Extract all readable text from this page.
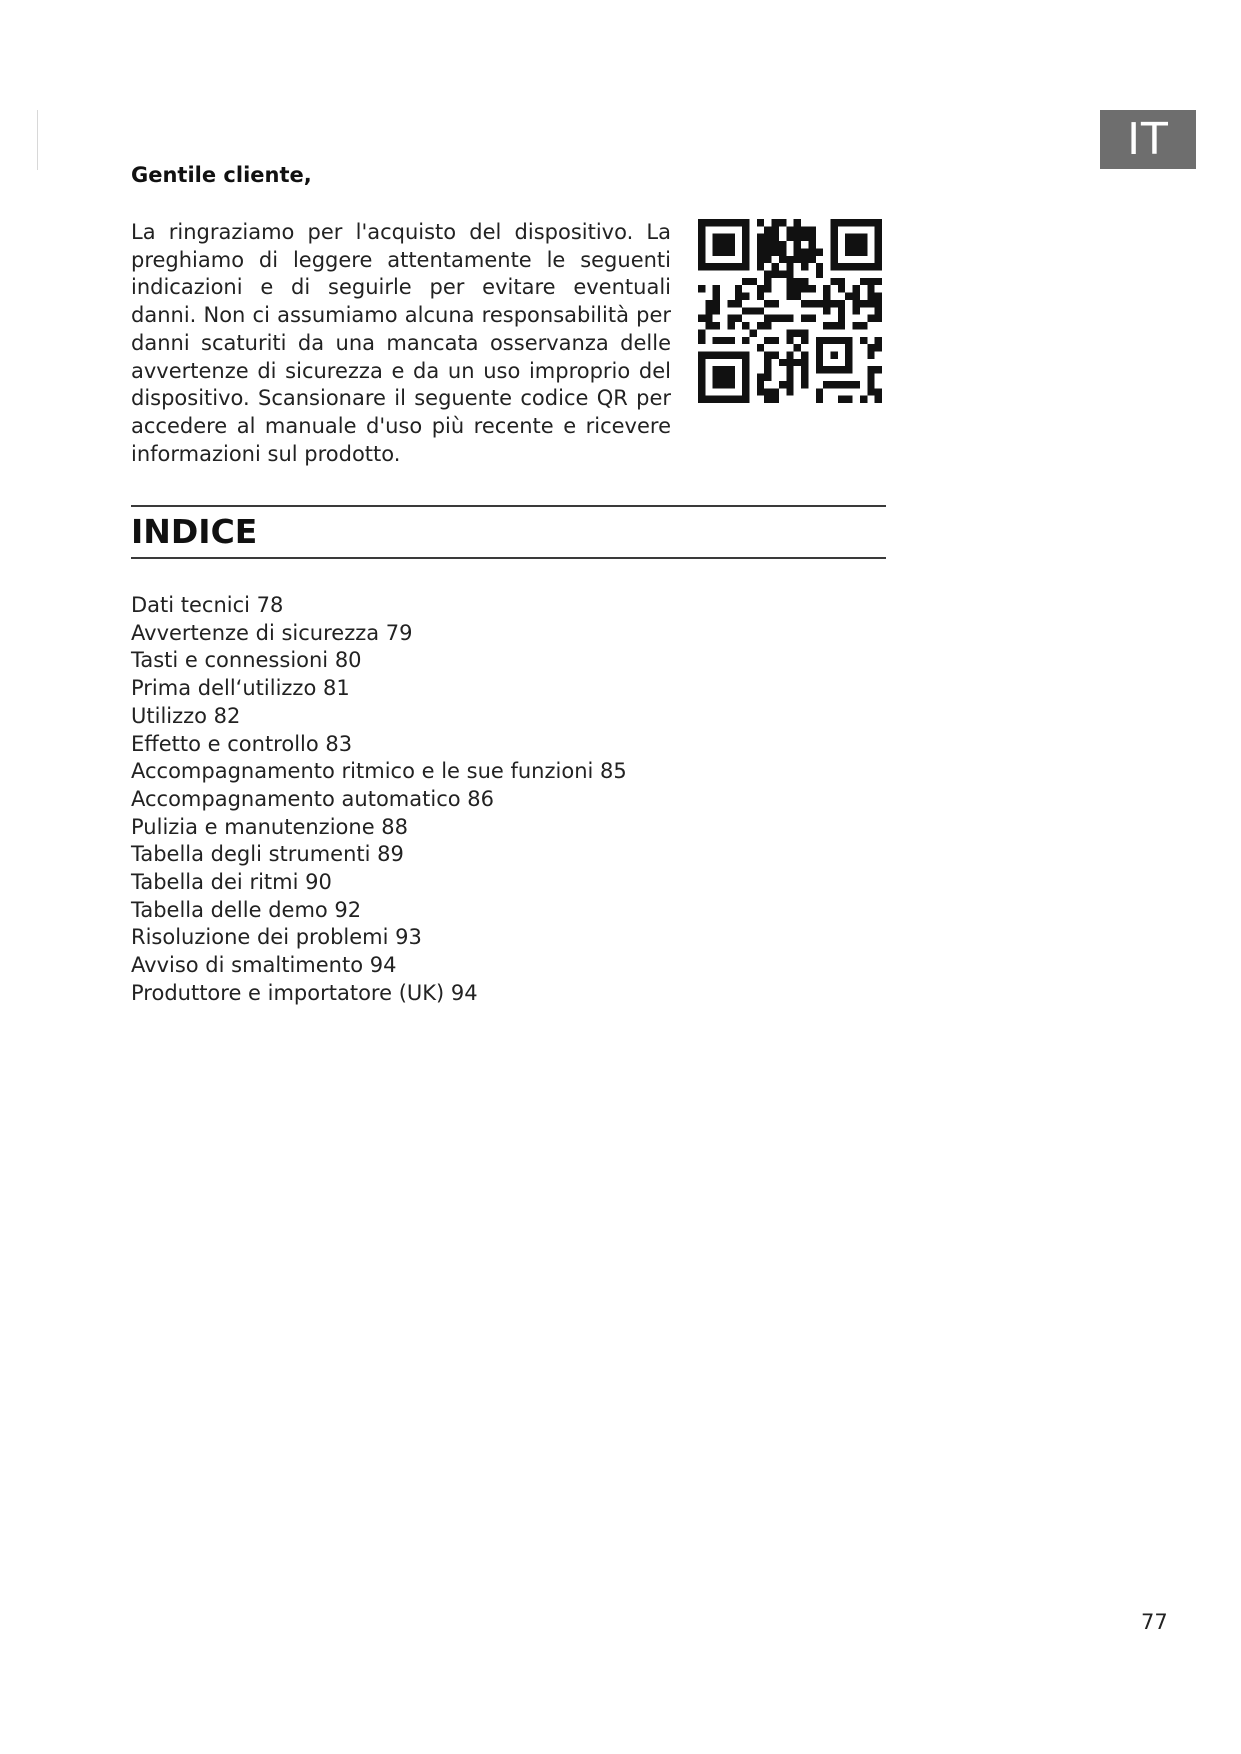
IT

Gentile cliente,

La ringraziamo per l'acquisto del dispositivo. La preghiamo di leggere attentamente le seguenti indicazioni e di seguirle per evitare eventuali danni. Non ci assumiamo alcuna responsabilità per danni scaturiti da una mancata osservanza delle avvertenze di sicurezza e da un uso improprio del dispositivo. Scansionare il seguente codice QR per accedere al manuale d'uso più recente e ricevere informazioni sul prodotto.

INDICE
Dati tecnici 78
Avvertenze di sicurezza 79
Tasti e connessioni 80
Prima dell‘utilizzo 81
Utilizzo 82
Effetto e controllo 83
Accompagnamento ritmico e le sue funzioni 85
Accompagnamento automatico 86
Pulizia e manutenzione 88
Tabella degli strumenti 89
Tabella dei ritmi 90
Tabella delle demo 92
Risoluzione dei problemi 93
Avviso di smaltimento 94
Produttore e importatore (UK) 94
77
